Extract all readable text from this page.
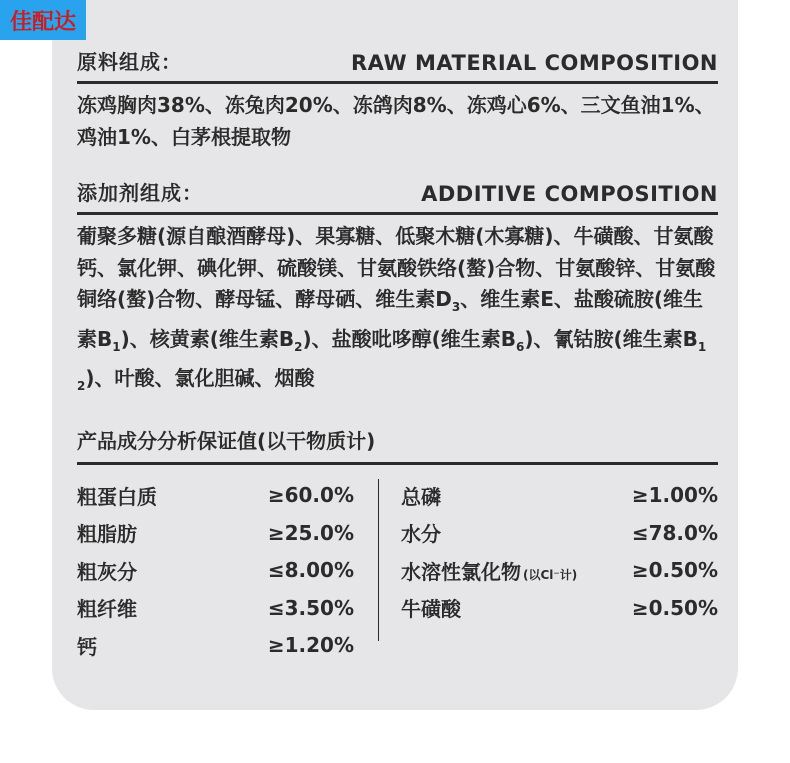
佳配达
原料组成：	RAW MATERIAL COMPOSITION
冻鸡胸肉38%、冻兔肉20%、冻鸽肉8%、冻鸡心6%、三文鱼油1%、鸡油1%、白茅根提取物
添加剂组成：	ADDITIVE COMPOSITION
葡聚多糖(源自酿酒酵母)、果寡糖、低聚木糖(木寡糖)、牛磺酸、甘氨酸钙、氯化钾、碘化钾、硫酸镁、甘氨酸铁络(螯)合物、甘氨酸锌、甘氨酸铜络(螯)合物、酵母锰、酵母硒、维生素$D_3$、维生素E、盐酸硫胺(维生素$B_1$)、核黄素(维生素$B_2$)、盐酸吡哆醇(维生素$B_6$)、氰钴胺(维生素$B_{12}$)、叶酸、氯化胆碱、烟酸
产品成分分析保证值(以干物质计)
粗蛋白质	≥60.0%
粗脂肪	≥25.0%
粗灰分	≤8.00%
粗纤维	≤3.50%
钙	≥1.20%
总磷	≥1.00%
水分	≤78.0%
水溶性氯化物 (以Cl⁻计)	≥0.50%
牛磺酸	≥0.50%
